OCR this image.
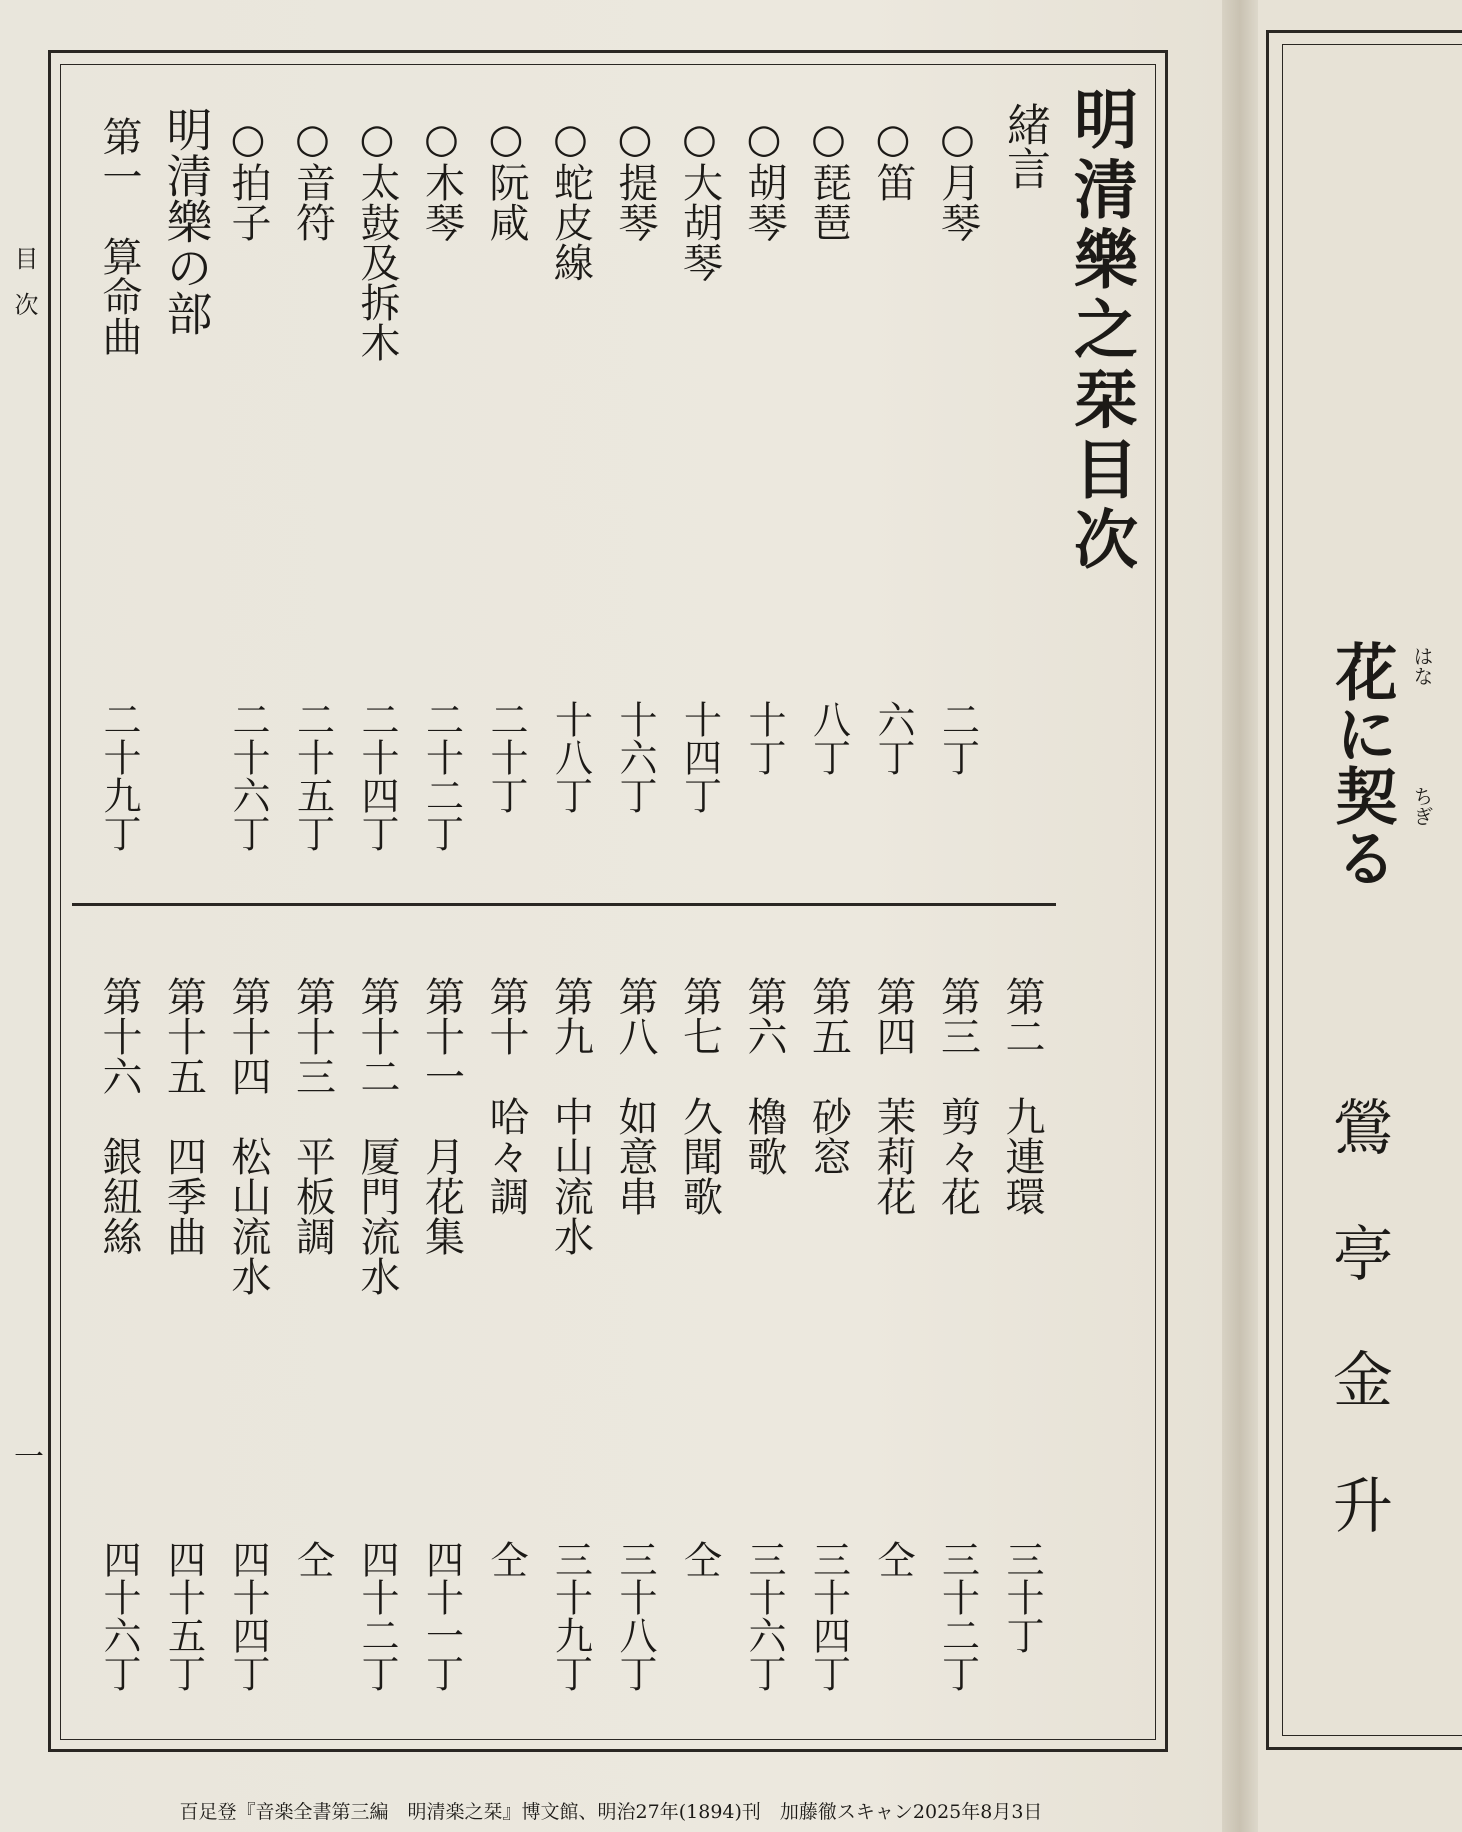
目次
一
明清樂之栞目次
緒言
○月琴
二丁
○笛
六丁
○琵琶
八丁
○胡琴
十丁
○大胡琴
十四丁
○提琴
十六丁
○蛇皮線
十八丁
○阮咸
二十丁
○木琴
二十二丁
○太鼓及拆木
二十四丁
○音符
二十五丁
○拍子
二十六丁
明清樂の部
第一　算命曲
二十九丁
第二　九連環
三十丁
第三　剪々花
三十二丁
第四　茉莉花
仝
第五　砂窓
三十四丁
第六　櫓歌
三十六丁
第七　久聞歌
仝
第八　如意串
三十八丁
第九　中山流水
三十九丁
第十　哈々調
仝
第十一　月花集
四十一丁
第十二　厦門流水
四十二丁
第十三　平板調
仝
第十四　松山流水
四十四丁
第十五　四季曲
四十五丁
第十六　銀紐絲
四十六丁
花に契る はな
ちぎ
鶯亭金升
百足登『音楽全書第三編　明清楽之栞』博文館、明治27年(1894)刊　加藤徹スキャン2025年8月3日
